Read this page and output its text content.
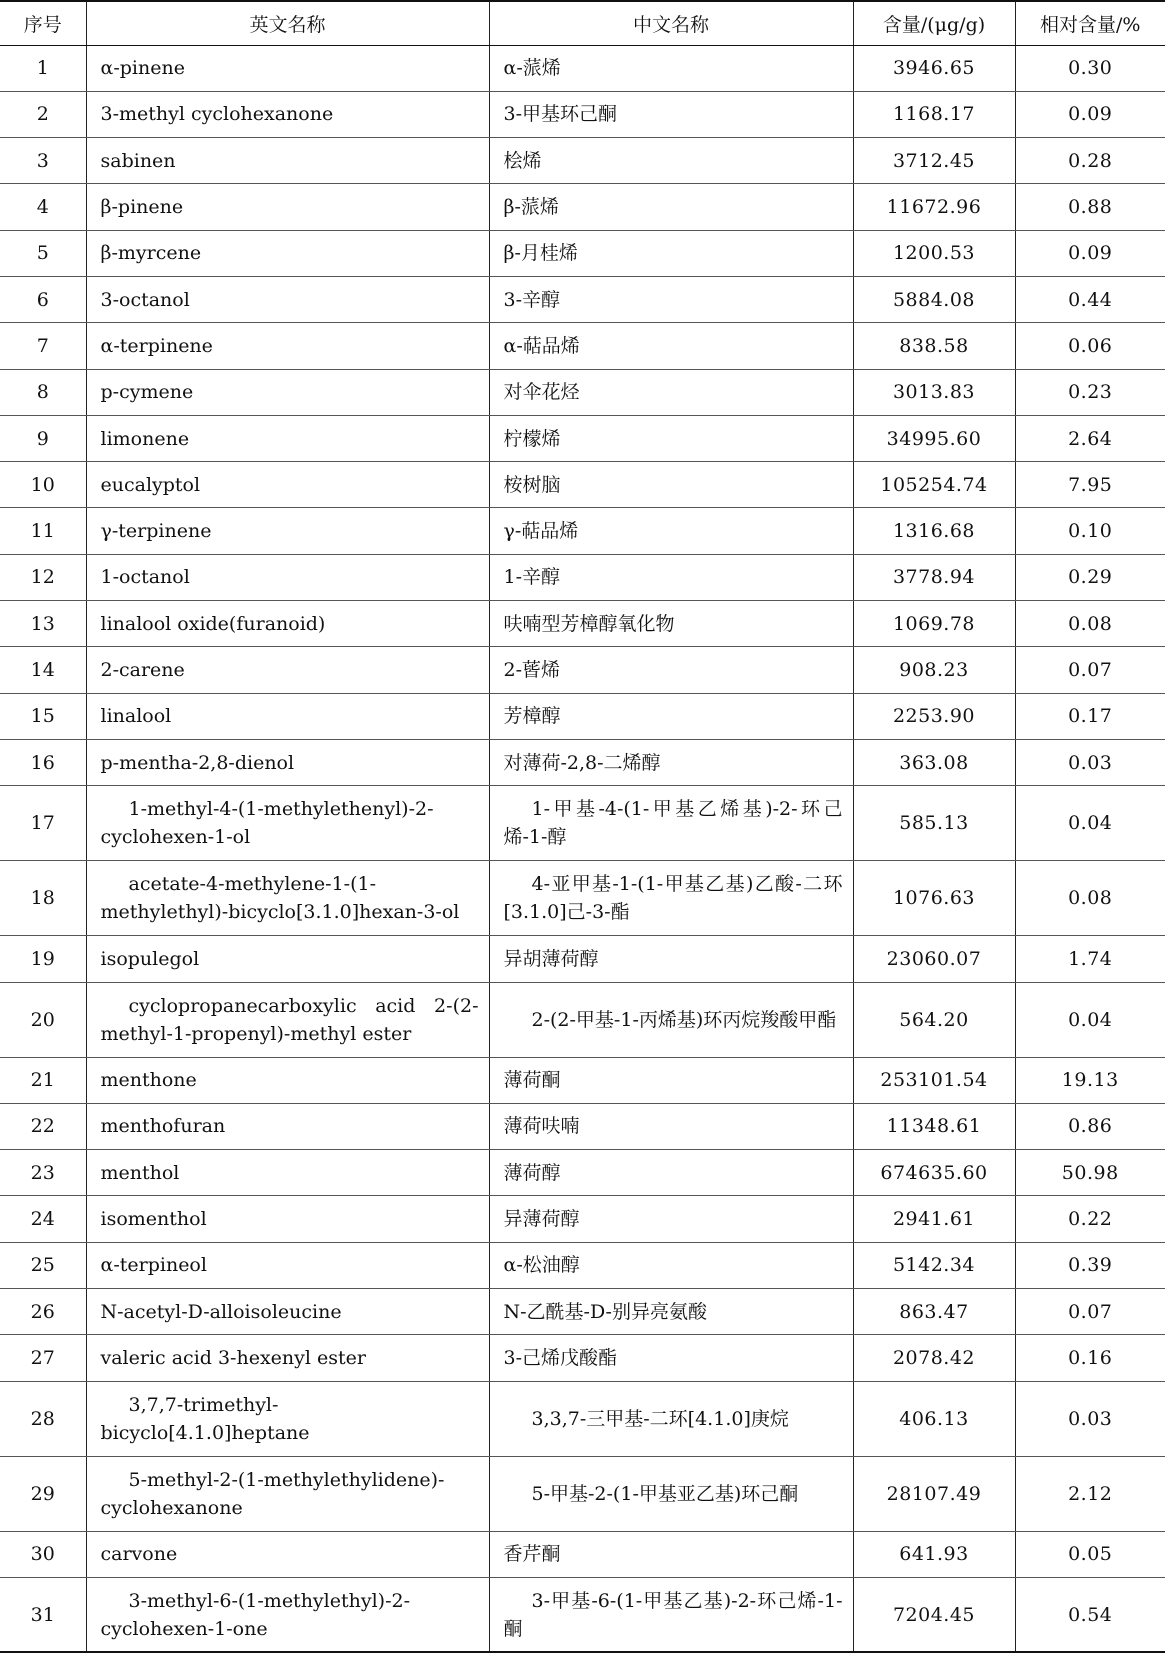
序号	英文名称	中文名称	含量/(μg/g)	相对含量/%
1	α-pinene	α-蒎烯	3946.65	0.30
2	3-methyl cyclohexanone	3-甲基环己酮	1168.17	0.09
3	sabinen	桧烯	3712.45	0.28
4	β-pinene	β-蒎烯	11672.96	0.88
5	β-myrcene	β-月桂烯	1200.53	0.09
6	3-octanol	3-辛醇	5884.08	0.44
7	α-terpinene	α-萜品烯	838.58	0.06
8	p-cymene	对伞花烃	3013.83	0.23
9	limonene	柠檬烯	34995.60	2.64
10	eucalyptol	桉树脑	105254.74	7.95
11	γ-terpinene	γ-萜品烯	1316.68	0.10
12	1-octanol	1-辛醇	3778.94	0.29
13	linalool oxide(furanoid)	呋喃型芳樟醇氧化物	1069.78	0.08
14	2-carene	2-蒈烯	908.23	0.07
15	linalool	芳樟醇	2253.90	0.17
16	p-mentha-2,8-dienol	对薄荷-2,8-二烯醇	363.08	0.03
17	1-methyl-4-(1-methylethenyl)-2-cyclohexen-1-ol	1-甲基-4-(1-甲基乙烯基)-2-环己烯-1-醇	585.13	0.04
18	acetate-4-methylene-1-(1-methylethyl)-bicyclo[3.1.0]hexan-3-ol	4-亚甲基-1-(1-甲基乙基)乙酸-二环[3.1.0]己-3-酯	1076.63	0.08
19	isopulegol	异胡薄荷醇	23060.07	1.74
20	cyclopropanecarboxylic acid 2-(2-methyl-1-propenyl)-methyl ester	2-(2-甲基-1-丙烯基)环丙烷羧酸甲酯	564.20	0.04
21	menthone	薄荷酮	253101.54	19.13
22	menthofuran	薄荷呋喃	11348.61	0.86
23	menthol	薄荷醇	674635.60	50.98
24	isomenthol	异薄荷醇	2941.61	0.22
25	α-terpineol	α-松油醇	5142.34	0.39
26	N-acetyl-D-alloisoleucine	N-乙酰基-D-别异亮氨酸	863.47	0.07
27	valeric acid 3-hexenyl ester	3-己烯戊酸酯	2078.42	0.16
28	3,7,7-trimethyl-bicyclo[4.1.0]heptane	3,3,7-三甲基-二环[4.1.0]庚烷	406.13	0.03
29	5-methyl-2-(1-methylethylidene)-cyclohexanone	5-甲基-2-(1-甲基亚乙基)环己酮	28107.49	2.12
30	carvone	香芹酮	641.93	0.05
31	3-methyl-6-(1-methylethyl)-2-cyclohexen-1-one	3-甲基-6-(1-甲基乙基)-2-环己烯-1-酮	7204.45	0.54
